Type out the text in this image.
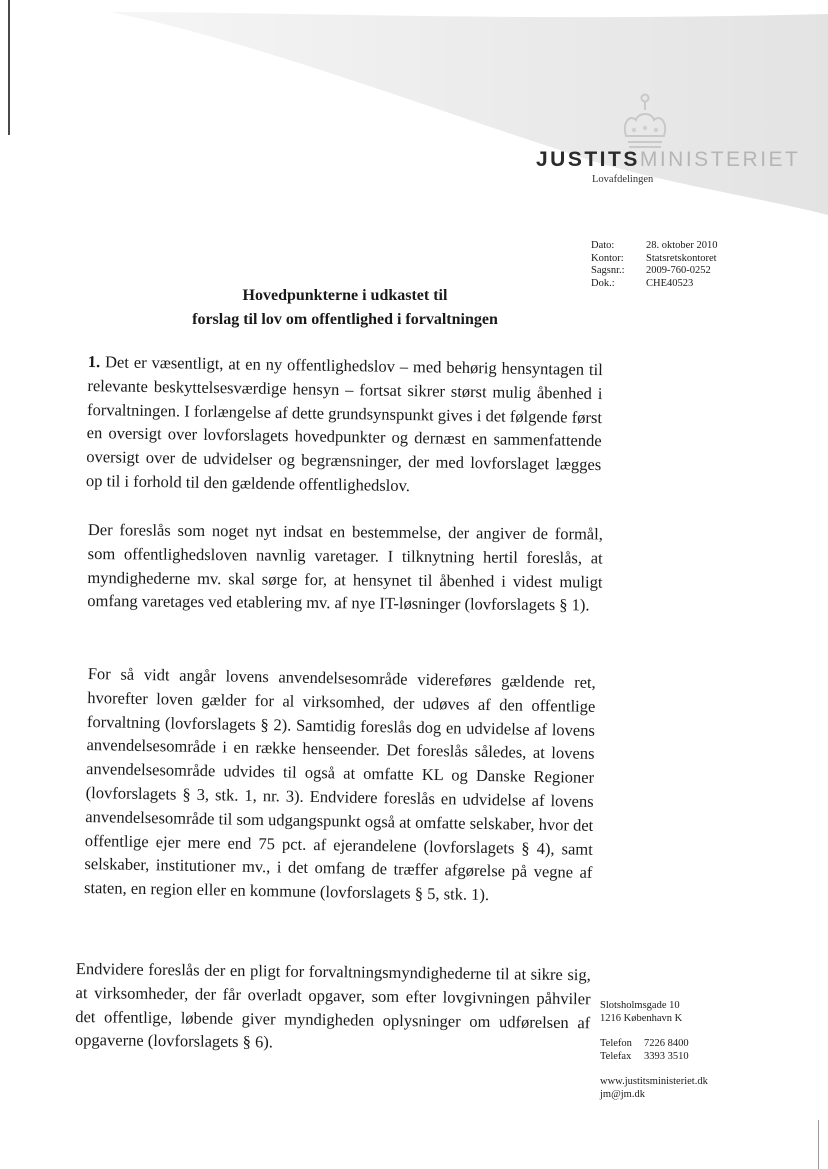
JUSTITSMINISTERIET
Lovafdelingen
Dato:	28. oktober 2010
Kontor:	Statsretskontoret
Sagsnr.:	2009-760-0252
Dok.:	CHE40523
Hovedpunkterne i udkastet til
forslag til lov om offentlighed i forvaltningen

1. Det er væsentligt, at en ny offentlighedslov – med behørig hensyntagen til relevante beskyttelsesværdige hensyn – fortsat sikrer størst mulig åbenhed i forvaltningen. I forlængelse af dette grundsynspunkt gives i det følgende først en oversigt over lovforslagets hovedpunkter og dernæst en sammenfattende oversigt over de udvidelser og begrænsninger, der med lovforslaget lægges op til i forhold til den gældende offentlighedslov.

Der foreslås som noget nyt indsat en bestemmelse, der angiver de formål, som offentlighedsloven navnlig varetager. I tilknytning hertil foreslås, at myndighederne mv. skal sørge for, at hensynet til åbenhed i videst muligt omfang varetages ved etablering mv. af nye IT-løsninger (lovforslagets § 1).

For så vidt angår lovens anvendelsesområde videreføres gældende ret, hvorefter loven gælder for al virksomhed, der udøves af den offentlige forvaltning (lovforslagets § 2). Samtidig foreslås dog en udvidelse af lovens anvendelsesområde i en række henseender. Det foreslås således, at lovens anvendelsesområde udvides til også at omfatte KL og Danske Regioner (lovforslagets § 3, stk. 1, nr. 3). Endvidere foreslås en udvidelse af lovens anvendelsesområde til som udgangspunkt også at omfatte selskaber, hvor det offentlige ejer mere end 75 pct. af ejerandelene (lovforslagets § 4), samt selskaber, institutioner mv., i det omfang de træffer afgørelse på vegne af staten, en region eller en kommune (lovforslagets § 5, stk. 1).

Endvidere foreslås der en pligt for forvaltningsmyndighederne til at sikre sig, at virksomheder, der får overladt opgaver, som efter lovgivningen påhviler det offentlige, løbende giver myndigheden oplysninger om udførelsen af opgaverne (lovforslagets § 6).

Slotsholmsgade 10
1216 København K
Telefon	7226 8400
Telefax	3393 3510
www.justitsministeriet.dk
jm@jm.dk
